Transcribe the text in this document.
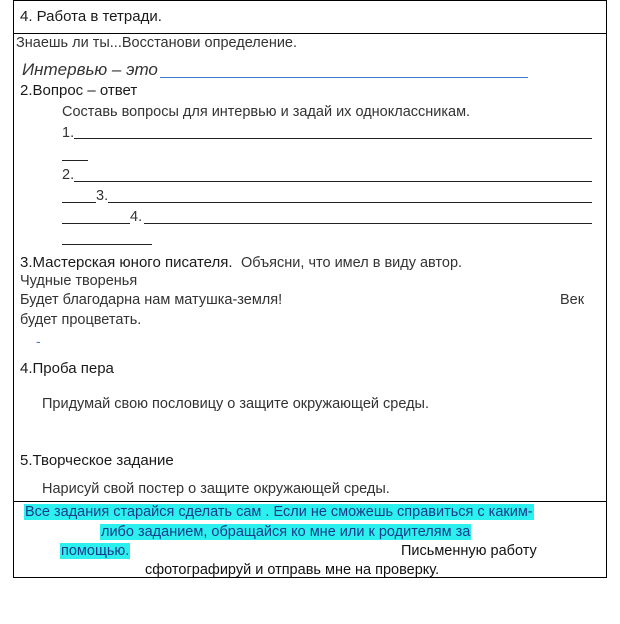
4. Работа в тетради.
Знаешь ли ты...Восстанови определение.
Интервью – это
2.Вопрос – ответ
Составь вопросы для интервью и задай их одноклассникам.
1.
2.
3.
4.
3.Мастерская юного писателя. Объясни, что имел в виду автор.
Чудные творенья
Будет благодарна нам матушка-земля!	Век
будет процветать.
-
4.Проба пера
Придумай свою пословицу о защите окружающей среды.
5.Творческое задание
Нарисуй свой постер о защите окружающей среды.
Все задания старайся сделать сам . Если не сможешь справиться с каким-
либо заданием, обращайся ко мне или к родителям за
помощью.	Письменную работу
сфотографируй и отправь мне на проверку.
